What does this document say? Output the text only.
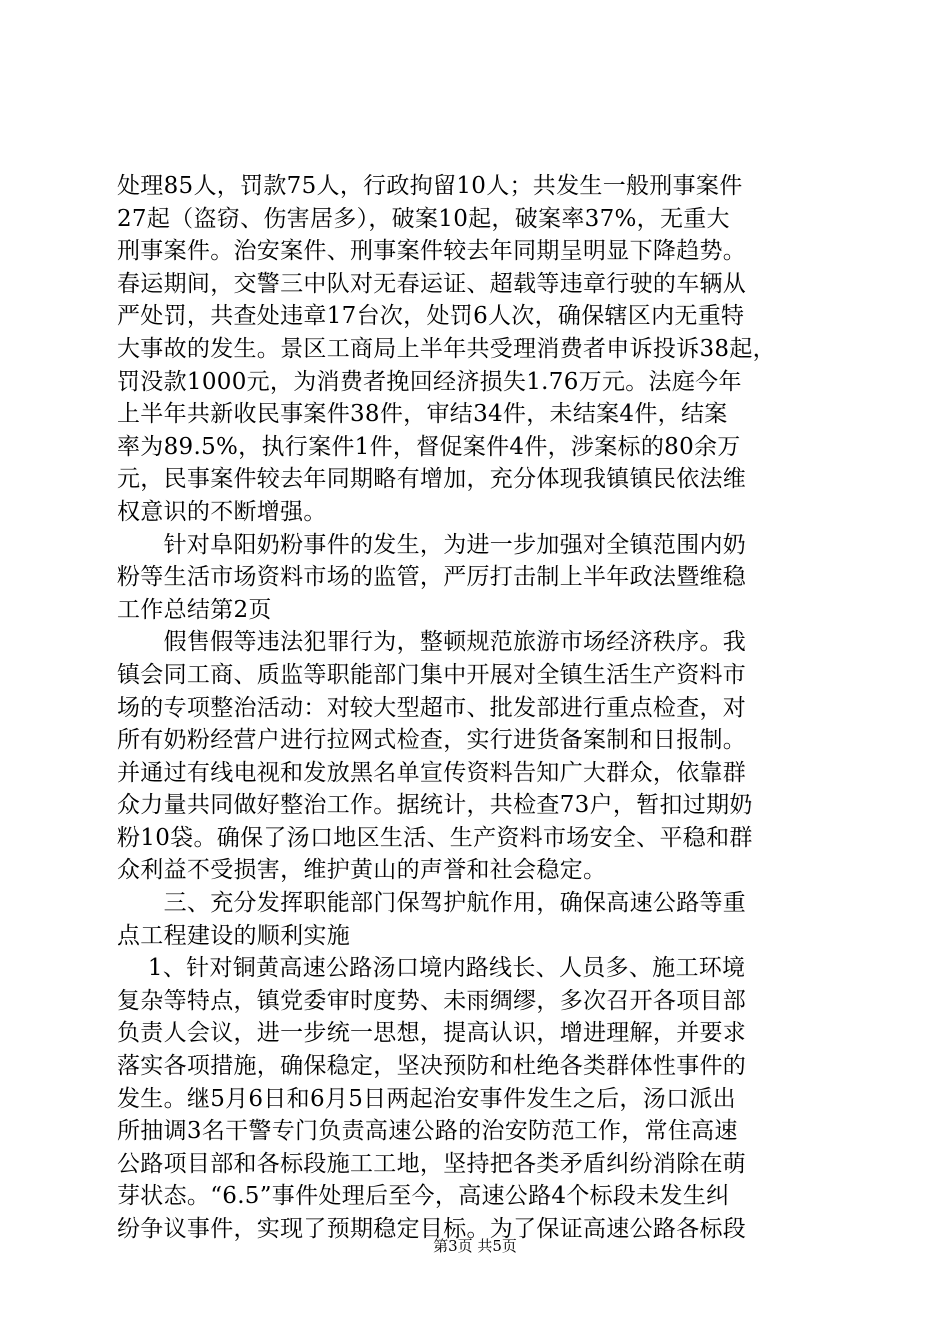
处理85人，罚款75人，行政拘留10人；共发生一般刑事案件
27起（盗窃、伤害居多），破案10起，破案率37%，无重大
刑事案件。治安案件、刑事案件较去年同期呈明显下降趋势。
春运期间，交警三中队对无春运证、超载等违章行驶的车辆从
严处罚，共查处违章17台次，处罚6人次，确保辖区内无重特
大事故的发生。景区工商局上半年共受理消费者申诉投诉38起，
罚没款1000元，为消费者挽回经济损失1.76万元。法庭今年
上半年共新收民事案件38件，审结34件，未结案4件，结案
率为89.5%，执行案件1件，督促案件4件，涉案标的80余万
元，民事案件较去年同期略有增加，充分体现我镇镇民依法维
权意识的不断增强。
　　针对阜阳奶粉事件的发生，为进一步加强对全镇范围内奶
粉等生活市场资料市场的监管，严厉打击制上半年政法暨维稳
工作总结第2页
　　假售假等违法犯罪行为，整顿规范旅游市场经济秩序。我
镇会同工商、质监等职能部门集中开展对全镇生活生产资料市
场的专项整治活动：对较大型超市、批发部进行重点检查，对
所有奶粉经营户进行拉网式检查，实行进货备案制和日报制。
并通过有线电视和发放黑名单宣传资料告知广大群众，依靠群
众力量共同做好整治工作。据统计，共检查73户，暂扣过期奶
粉10袋。确保了汤口地区生活、生产资料市场安全、平稳和群
众利益不受损害，维护黄山的声誉和社会稳定。
　　三、充分发挥职能部门保驾护航作用，确保高速公路等重
点工程建设的顺利实施
　 1、针对铜黄高速公路汤口境内路线长、人员多、施工环境
复杂等特点，镇党委审时度势、未雨绸缪，多次召开各项目部
负责人会议，进一步统一思想，提高认识，增进理解，并要求
落实各项措施，确保稳定，坚决预防和杜绝各类群体性事件的
发生。继5月6日和6月5日两起治安事件发生之后，汤口派出
所抽调3名干警专门负责高速公路的治安防范工作，常住高速
公路项目部和各标段施工工地，坚持把各类矛盾纠纷消除在萌
芽状态。“6.5”事件处理后至今，高速公路4个标段未发生纠
纷争议事件，实现了预期稳定目标。为了保证高速公路各标段
第3页 共5页
